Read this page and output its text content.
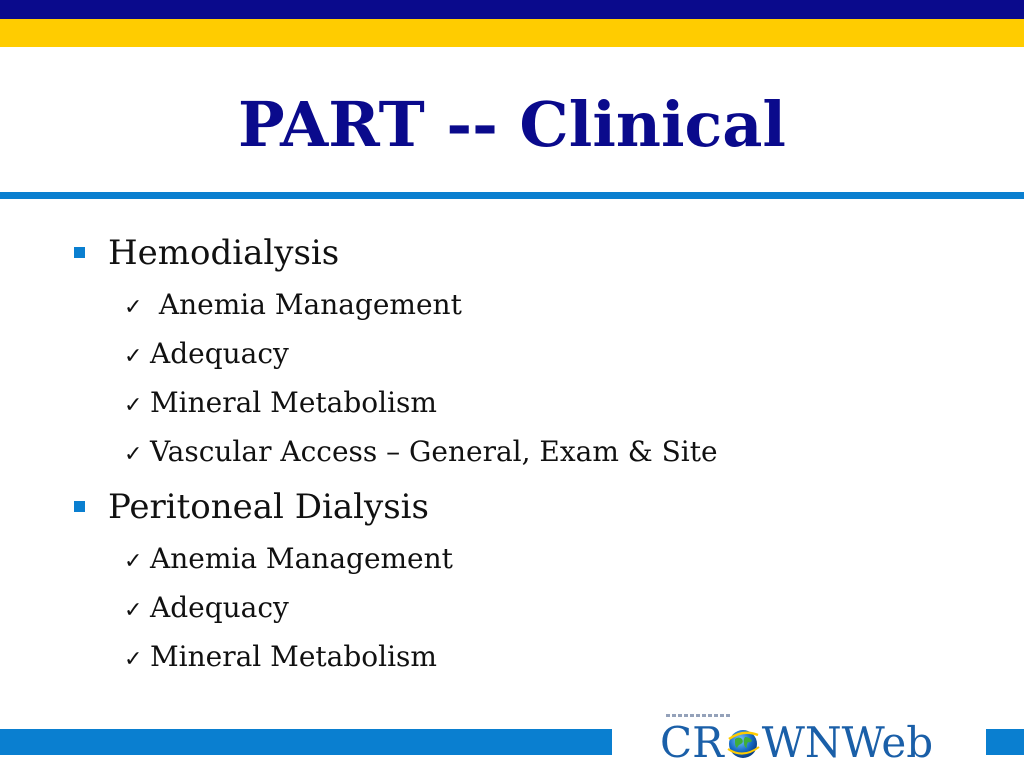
PART -- Clinical
Hemodialysis
✓ Anemia Management
✓ Adequacy
✓ Mineral Metabolism
✓ Vascular Access – General, Exam & Site
Peritoneal Dialysis
✓ Anemia Management
✓ Adequacy
✓ Mineral Metabolism
CR WNWeb
